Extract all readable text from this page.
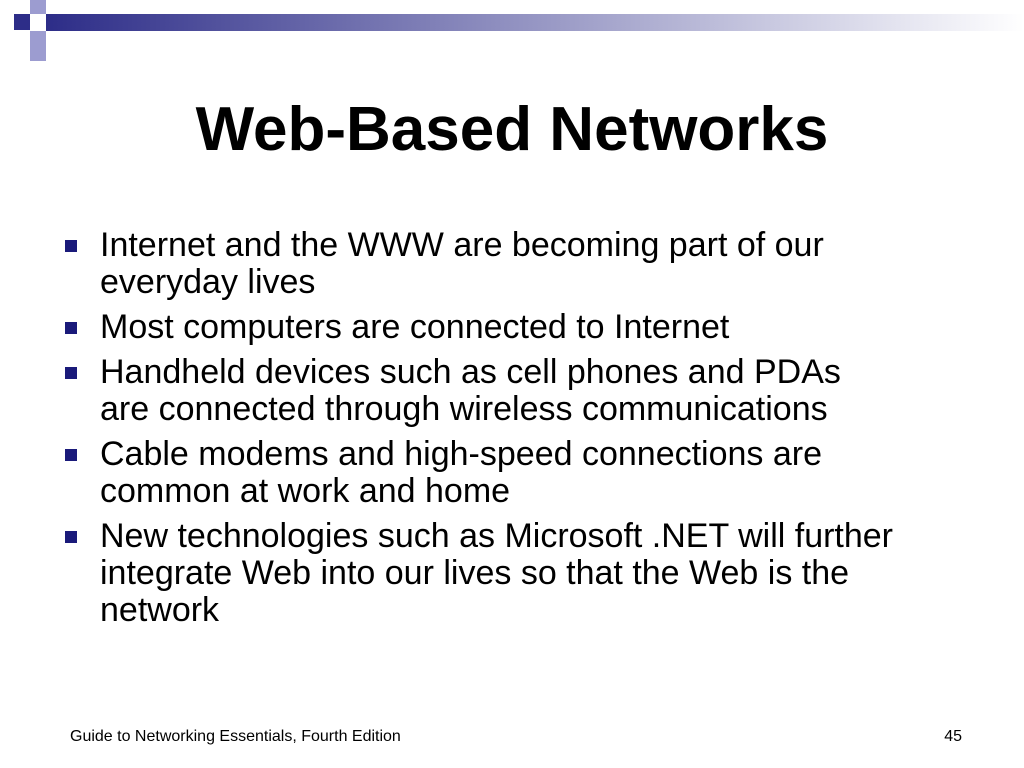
Web-Based Networks
Internet and the WWW are becoming part of our
everyday lives
Most computers are connected to Internet
Handheld devices such as cell phones and PDAs
are connected through wireless communications
Cable modems and high-speed connections are
common at work and home
New technologies such as Microsoft .NET will further
integrate Web into our lives so that the Web is the
network
Guide to Networking Essentials, Fourth Edition	45
